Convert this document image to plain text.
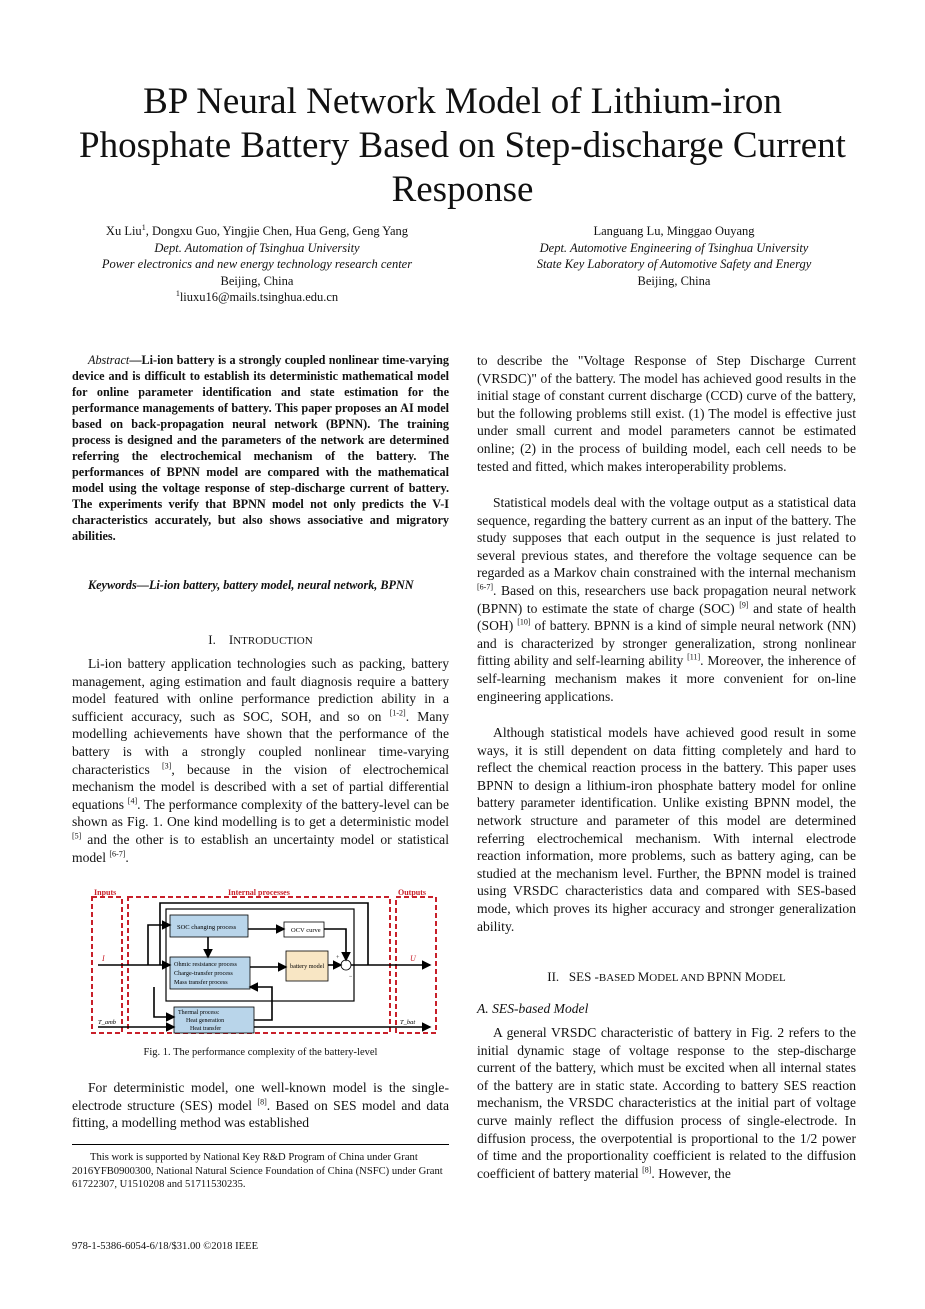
BP Neural Network Model of Lithium-iron
Phosphate Battery Based on Step-discharge Current
Response
Xu Liu$^1$, Dongxu Guo, Yingjie Chen, Hua Geng, Geng Yang
Dept. Automation of Tsinghua University
Power electronics and new energy technology research center
Beijing, China
$^1$liuxu16@mails.tsinghua.edu.cn
Languang Lu, Minggao Ouyang
Dept. Automotive Engineering of Tsinghua University
State Key Laboratory of Automotive Safety and Energy
Beijing, China
Abstract—Li-ion battery is a strongly coupled nonlinear time-varying device and is difficult to establish its deterministic mathematical model for online parameter identification and state estimation for the performance managements of battery. This paper proposes an AI model based on back-propagation neural network (BPNN). The training process is designed and the parameters of the network are determined referring the electrochemical mechanism of the battery. The performances of BPNN model are compared with the mathematical model using the voltage response of step-discharge current of battery. The experiments verify that BPNN model not only predicts the V-I characteristics accurately, but also shows associative and migratory abilities.
Keywords—Li-ion battery, battery model, neural network, BPNN
I. INTRODUCTION
Li-ion battery application technologies such as packing, battery management, aging estimation and fault diagnosis require a battery model featured with online performance prediction ability in a sufficient accuracy, such as SOC, SOH, and so on [1-2]. Many modelling achievements have shown that the performance of the battery is with a strongly coupled nonlinear time-varying characteristics [3], because in the vision of electrochemical mechanism the model is described with a set of partial differential equations [4]. The performance complexity of the battery-level can be shown as Fig. 1. One kind modelling is to get a deterministic model [5] and the other is to establish an uncertainty model or statistical model [6-7].
Inputs	Internal processes	Outputs
SOC changing process	OCV curve
Ohmic resistance process
Charge-transfer process
Mass transfer process
battery model
+
−
Thermal process:
Heat generation
Heat transfer
I	U
T_amb	T_bat
Fig. 1. The performance complexity of the battery-level
For deterministic model, one well-known model is the single-electrode structure (SES) model [8]. Based on SES model and data fitting, a modelling method was established
This work is supported by National Key R&D Program of China under Grant 2016YFB0900300, National Natural Science Foundation of China (NSFC) under Grant 61722307, U1510208 and 51711530235.
978-1-5386-6054-6/18/$31.00 ©2018 IEEE
to describe the "Voltage Response of Step Discharge Current (VRSDC)" of the battery. The model has achieved good results in the initial stage of constant current discharge (CCD) curve of the battery, but the following problems still exist. (1) The model is effective just under small current and model parameters cannot be estimated online; (2) in the process of building model, each cell needs to be tested and fitted, which makes interoperability problems.
Statistical models deal with the voltage output as a statistical data sequence, regarding the battery current as an input of the battery. The study supposes that each output in the sequence is just related to several previous states, and therefore the voltage sequence can be regarded as a Markov chain constrained with the internal mechanism [6-7]. Based on this, researchers use back propagation neural network (BPNN) to estimate the state of charge (SOC) [9] and state of health (SOH) [10] of battery. BPNN is a kind of simple neural network (NN) and is characterized by stronger generalization, strong nonlinear fitting ability and self-learning ability [11]. Moreover, the inherence of self-learning mechanism makes it more convenient for on-line engineering applications.
Although statistical models have achieved good result in some ways, it is still dependent on data fitting completely and hard to reflect the chemical reaction process in the battery. This paper uses BPNN to design a lithium-iron phosphate battery model for online battery parameter identification. Unlike existing BPNN model, the network structure and parameter of this model are determined referring electrochemical mechanism. With internal electrode reaction information, more problems, such as battery aging, can be studied at the mechanism level. Further, the BPNN model is trained using VRSDC characteristics data and compared with SES-based mode, which proves its higher accuracy and stronger generalization ability.
II. SES -BASED MODEL AND BPNN MODEL
A. SES-based Model
A general VRSDC characteristic of battery in Fig. 2 refers to the initial dynamic stage of voltage response to the step-discharge current of the battery, which must be excited when all internal states of the battery are in static state. According to battery SES reaction mechanism, the VRSDC characteristics at the initial part of voltage curve mainly reflect the diffusion process of single-electrode. In diffusion process, the overpotential is proportional to the 1/2 power of time and the proportionality coefficient is related to the diffusion coefficient of battery material [8]. However, the
